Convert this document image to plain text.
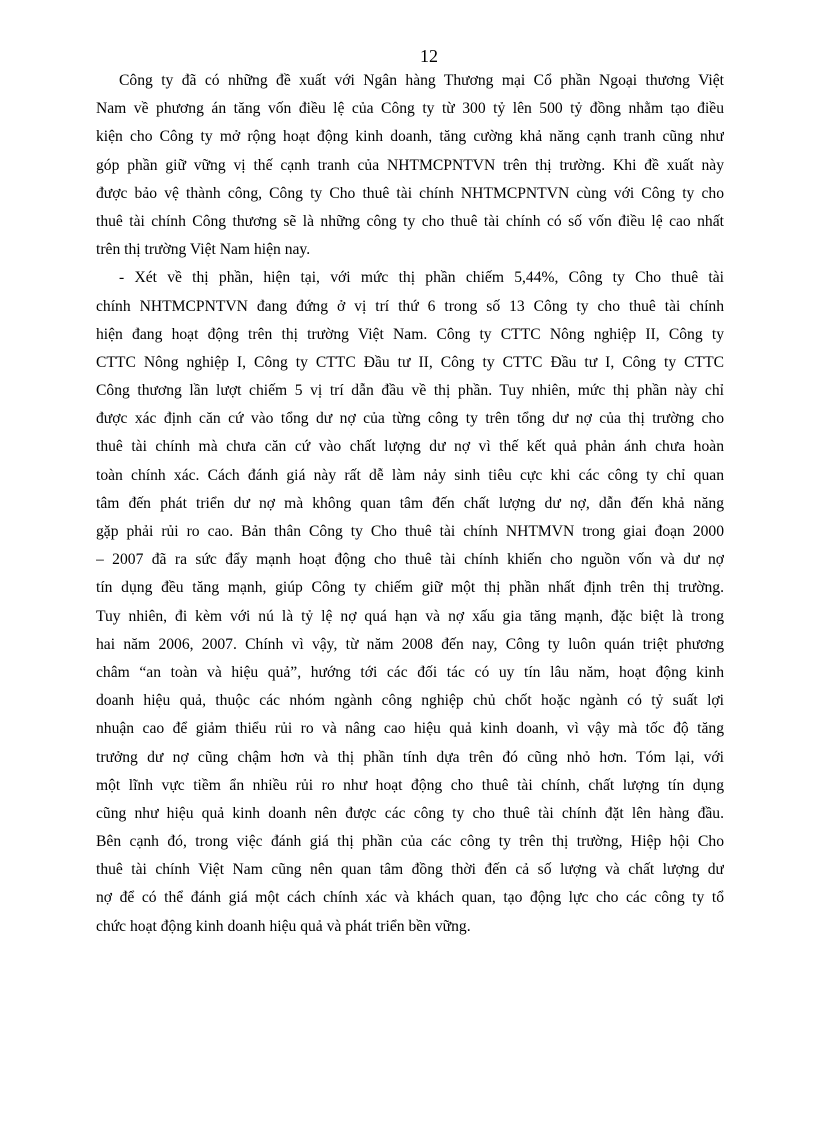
12
Công ty đã có những đề xuất với Ngân hàng Thương mại Cổ phần Ngoại thương Việt
Nam về phương án tăng vốn điều lệ của Công ty từ 300 tỷ lên 500 tỷ đồng nhằm tạo điều
kiện cho Công ty mở rộng hoạt động kinh doanh, tăng cường khả năng cạnh tranh cũng như
góp phần giữ vững vị thế cạnh tranh của NHTMCPNTVN trên thị trường. Khi đề xuất này
được bảo vệ thành công, Công ty Cho thuê tài chính NHTMCPNTVN cùng với Công ty cho
thuê tài chính Công thương sẽ là những công ty cho thuê tài chính có số vốn điều lệ cao nhất
trên thị trường Việt Nam hiện nay.
- Xét về thị phần, hiện tại, với mức thị phần chiếm 5,44%, Công ty Cho thuê tài
chính NHTMCPNTVN đang đứng ở vị trí thứ 6 trong số 13 Công ty cho thuê tài chính
hiện đang hoạt động trên thị trường Việt Nam. Công ty CTTC Nông nghiệp II, Công ty
CTTC Nông nghiệp I, Công ty CTTC Đầu tư II, Công ty CTTC Đầu tư I, Công ty CTTC
Công thương lần lượt chiếm 5 vị trí dẫn đầu về thị phần. Tuy nhiên, mức thị phần này chỉ
được xác định căn cứ vào tổng dư nợ của từng công ty trên tổng dư nợ của thị trường cho
thuê tài chính mà chưa căn cứ vào chất lượng dư nợ vì thế kết quả phản ánh chưa hoàn
toàn chính xác. Cách đánh giá này rất dễ làm nảy sinh tiêu cực khi các công ty chỉ quan
tâm đến phát triển dư nợ mà không quan tâm đến chất lượng dư nợ, dẫn đến khả năng
gặp phải rủi ro cao. Bản thân Công ty Cho thuê tài chính NHTMVN trong giai đoạn 2000
– 2007 đã ra sức đẩy mạnh hoạt động cho thuê tài chính khiến cho nguồn vốn và dư nợ
tín dụng đều tăng mạnh, giúp Công ty chiếm giữ một thị phần nhất định trên thị trường.
Tuy nhiên, đi kèm với nú là tỷ lệ nợ quá hạn và nợ xấu gia tăng mạnh, đặc biệt là trong
hai năm 2006, 2007. Chính vì vậy, từ năm 2008 đến nay, Công ty luôn quán triệt phương
châm “an toàn và hiệu quả”, hướng tới các đối tác có uy tín lâu năm, hoạt động kinh
doanh hiệu quả, thuộc các nhóm ngành công nghiệp chủ chốt hoặc ngành có tỷ suất lợi
nhuận cao để giảm thiểu rủi ro và nâng cao hiệu quả kinh doanh, vì vậy mà tốc độ tăng
trưởng dư nợ cũng chậm hơn và thị phần tính dựa trên đó cũng nhỏ hơn. Tóm lại, với
một lĩnh vực tiềm ẩn nhiều rủi ro như hoạt động cho thuê tài chính, chất lượng tín dụng
cũng như hiệu quả kinh doanh nên được các công ty cho thuê tài chính đặt lên hàng đầu.
Bên cạnh đó, trong việc đánh giá thị phần của các công ty trên thị trường, Hiệp hội Cho
thuê tài chính Việt Nam cũng nên quan tâm đồng thời đến cả số lượng và chất lượng dư
nợ để có thể đánh giá một cách chính xác và khách quan, tạo động lực cho các công ty tổ
chức hoạt động kinh doanh hiệu quả và phát triển bền vững.
